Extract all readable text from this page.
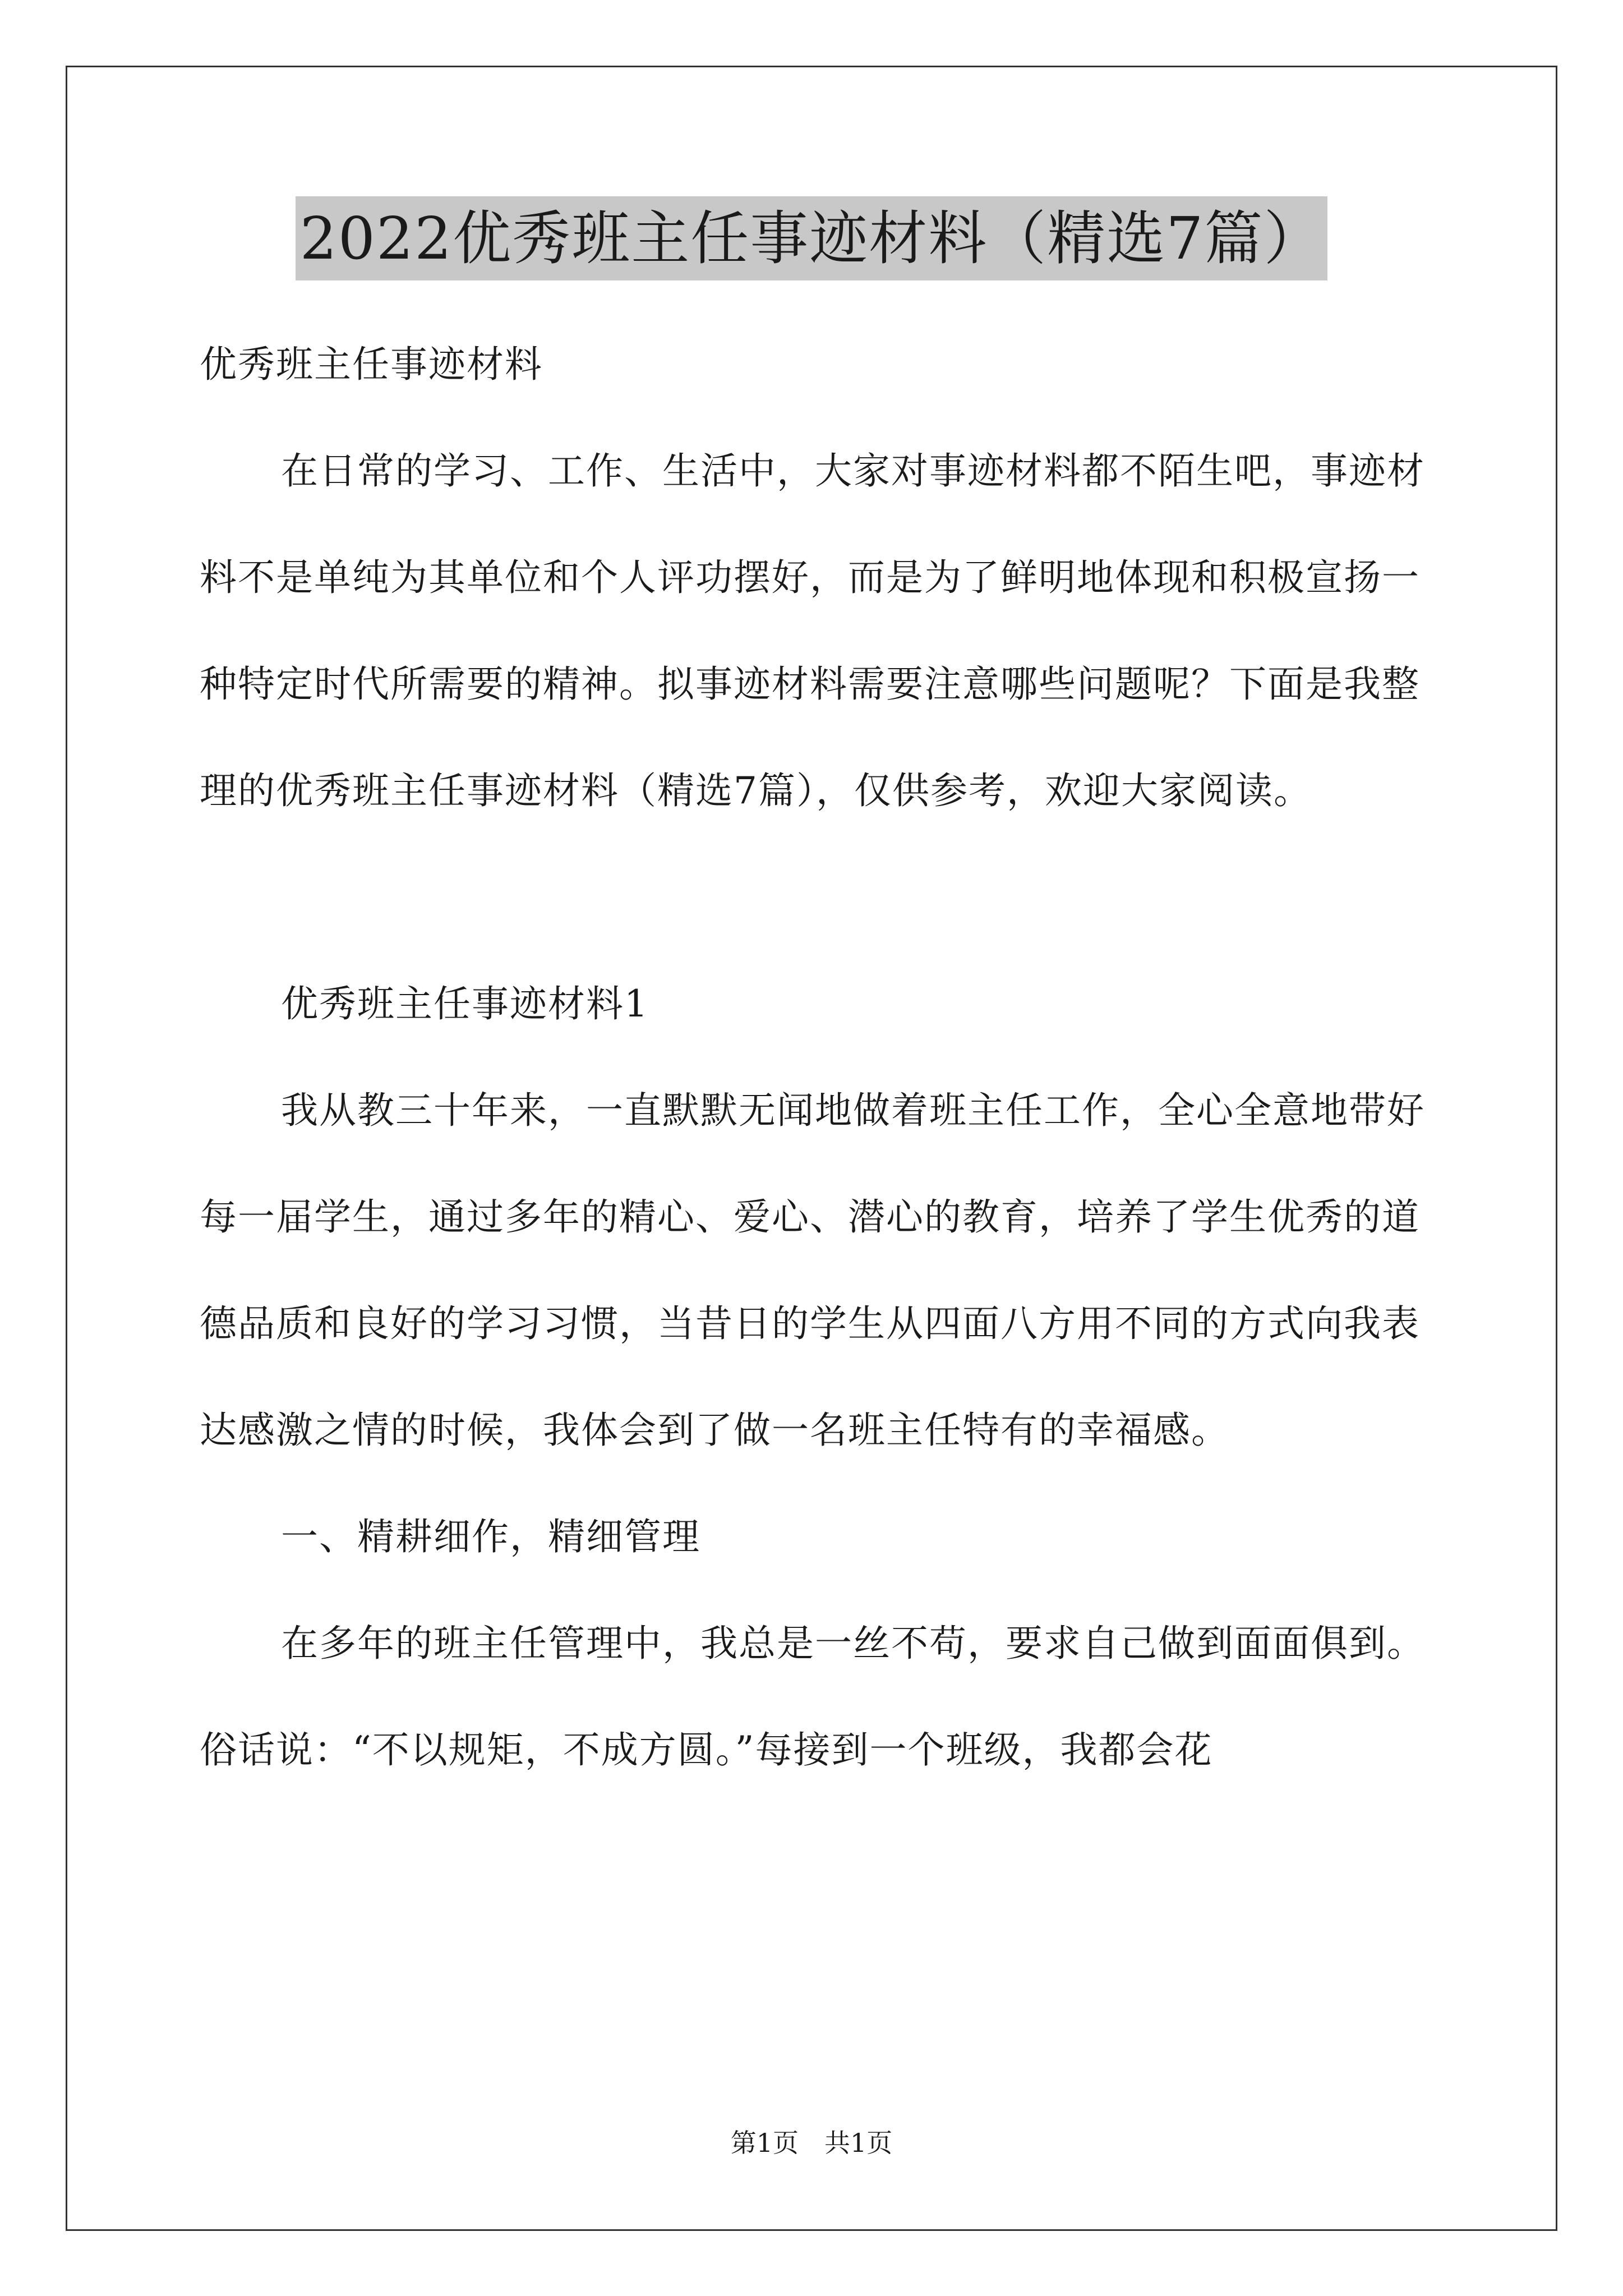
2022优秀班主任事迹材料（精选7篇）

优秀班主任事迹材料

在日常的学习、工作、生活中，大家对事迹材料都不陌生吧，事迹材料不是单纯为其单位和个人评功摆好，而是为了鲜明地体现和积极宣扬一种特定时代所需要的精神。拟事迹材料需要注意哪些问题呢？下面是我整理的优秀班主任事迹材料（精选7篇），仅供参考，欢迎大家阅读。

优秀班主任事迹材料1

我从教三十年来，一直默默无闻地做着班主任工作，全心全意地带好每一届学生，通过多年的精心、爱心、潜心的教育，培养了学生优秀的道德品质和良好的学习习惯，当昔日的学生从四面八方用不同的方式向我表达感激之情的时候，我体会到了做一名班主任特有的幸福感。

一、精耕细作，精细管理

在多年的班主任管理中，我总是一丝不苟，要求自己做到面面俱到。俗话说：“不以规矩，不成方圆。”每接到一个班级，我都会花

第1页　共1页
